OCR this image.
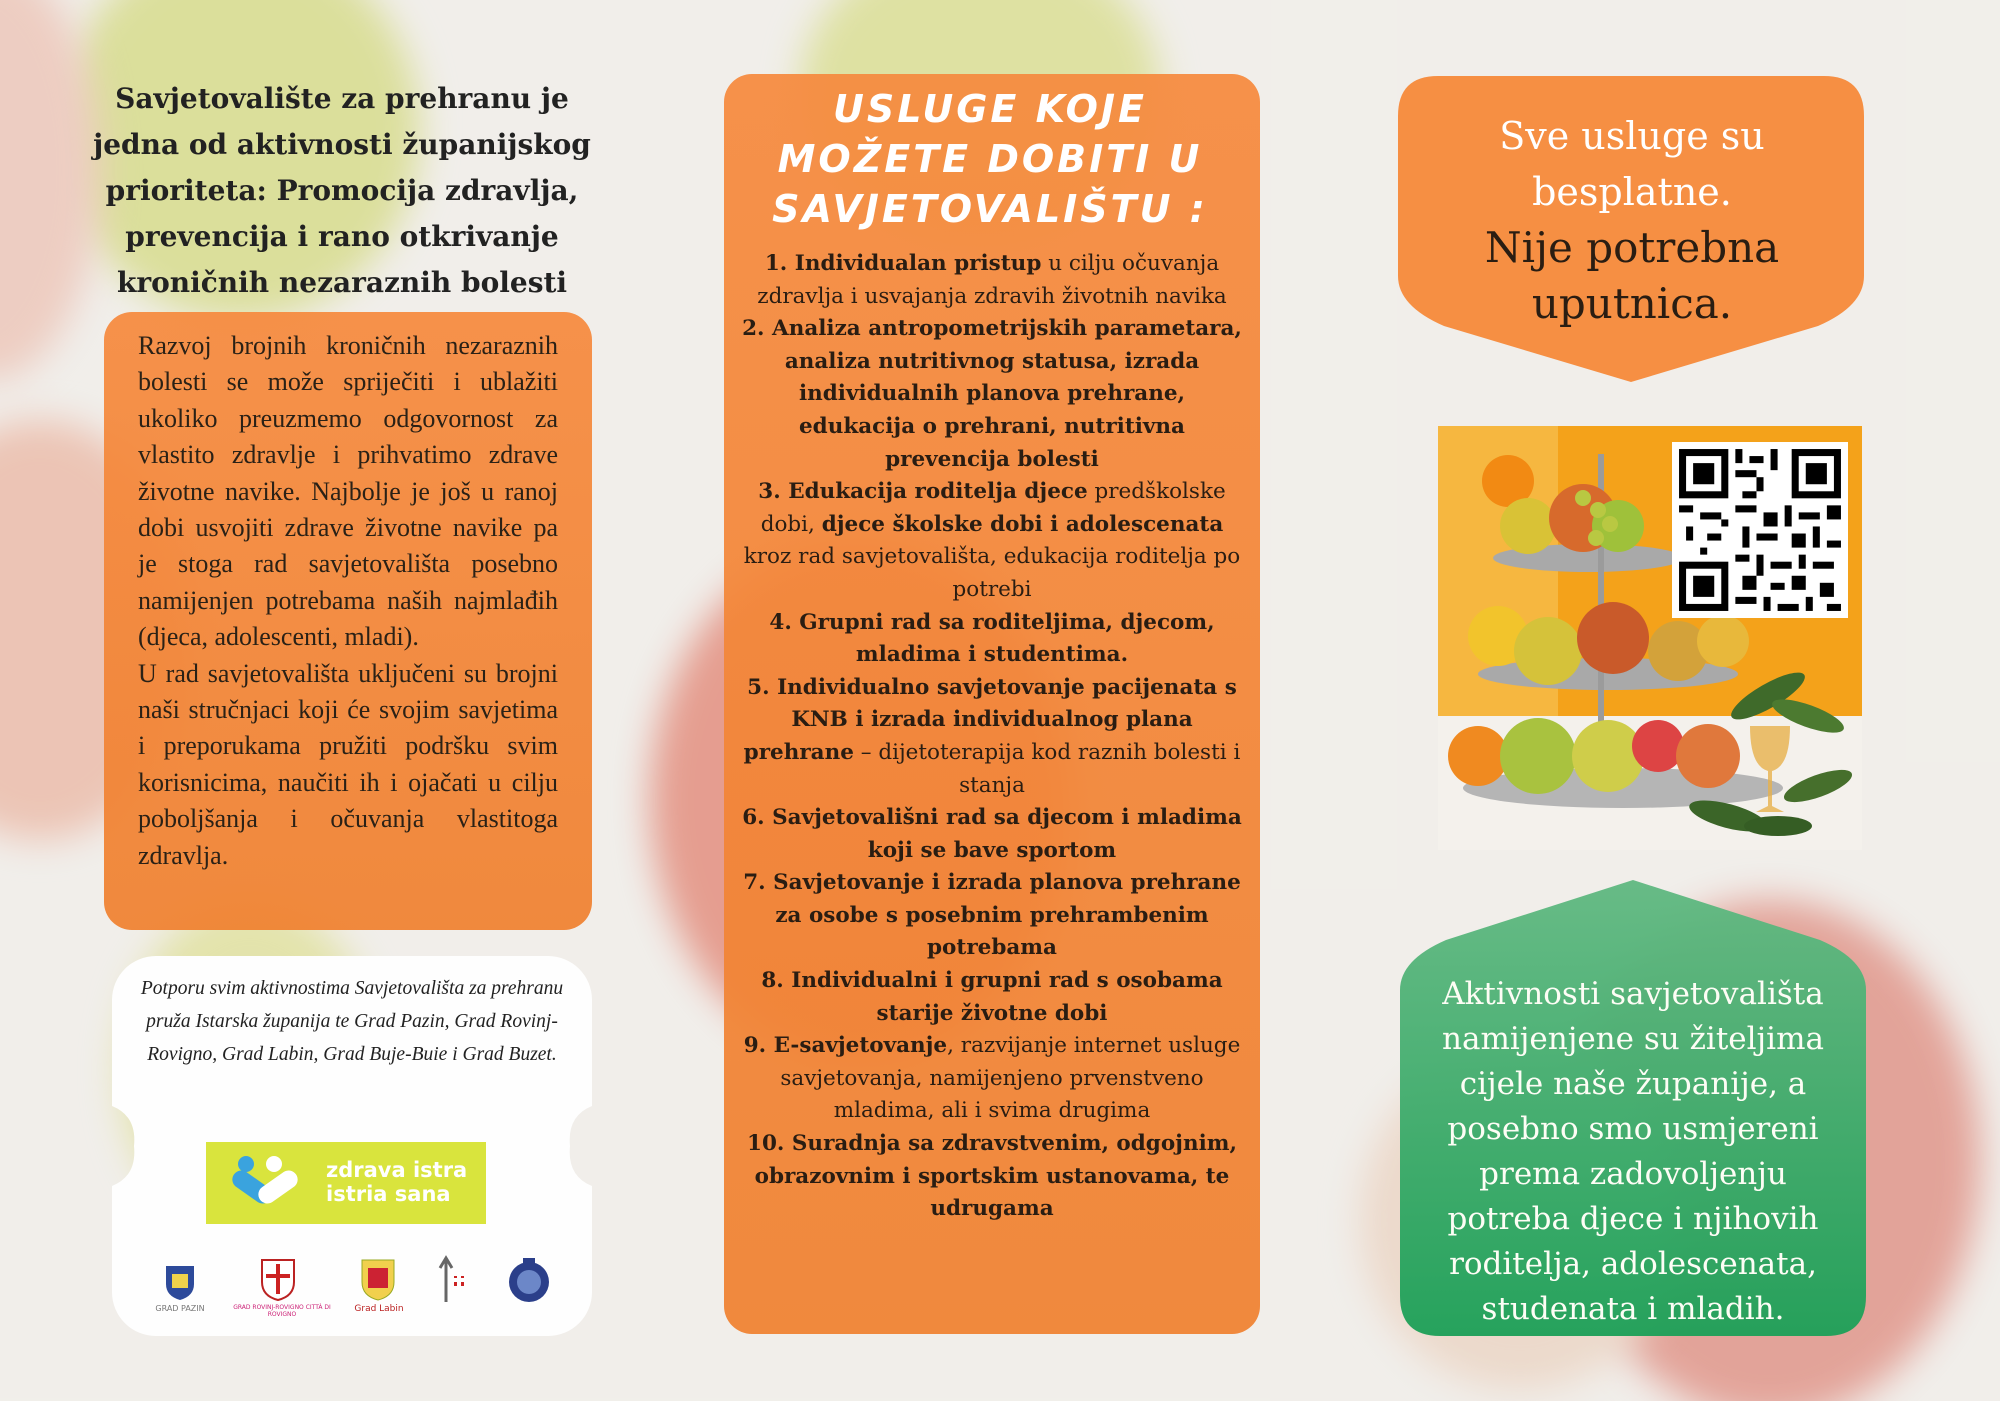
Savjetovalište za prehranu je jedna od aktivnosti županijskog prioriteta: Promocija zdravlja, prevencija i rano otkrivanje kroničnih nezaraznih bolesti

Razvoj brojnih kroničnih nezaraznih bolesti se može spriječiti i ublažiti ukoliko preuzmemo odgovornost za vlastito zdravlje i prihvatimo zdrave životne navike. Najbolje je još u ranoj dobi usvojiti zdrave životne navike pa je stoga rad savjetovališta posebno namijenjen potrebama naših najmlađih (djeca, adolescenti, mladi).

U rad savjetovališta uključeni su brojni naši stručnjaci koji će svojim savjetima i preporukama pružiti podršku svim korisnicima, naučiti ih i ojačati u cilju poboljšanja i očuvanja vlastitoga zdravlja.

Potporu svim aktivnostima Savjetovališta za prehranu pruža Istarska županija te Grad Pazin, Grad Rovinj-Rovigno, Grad Labin, Grad Buje-Buie i Grad Buzet.
zdrava istra
istria sana
GRAD PAZIN	GRAD ROVINJ-ROVIGNO CITTÀ DI ROVIGNO
Grad Labin
USLUGE KOJE MOŽETE DOBITI U SAVJETOVALIŠTU :
1. Individualan pristup u cilju očuvanja zdravlja i usvajanja zdravih životnih navika
2. Analiza antropometrijskih parametara, analiza nutritivnog statusa, izrada individualnih planova prehrane, edukacija o prehrani, nutritivna prevencija bolesti
3. Edukacija roditelja djece predškolske dobi, djece školske dobi i adolescenata kroz rad savjetovališta, edukacija roditelja po potrebi
4. Grupni rad sa roditeljima, djecom, mladima i studentima.
5. Individualno savjetovanje pacijenata s KNB i izrada individualnog plana prehrane – dijetoterapija kod raznih bolesti i stanja
6. Savjetovališni rad sa djecom i mladima koji se bave sportom
7. Savjetovanje i izrada planova prehrane za osobe s posebnim prehrambenim potrebama
8. Individualni i grupni rad s osobama starije životne dobi
9. E-savjetovanje, razvijanje internet usluge savjetovanja, namijenjeno prvenstveno mladima, ali i svima drugima
10. Suradnja sa zdravstvenim, odgojnim, obrazovnim i sportskim ustanovama, te udrugama
Sve usluge su besplatne.
Nije potrebna uputnica.
Aktivnosti savjetovališta namijenjene su žiteljima cijele naše županije, a posebno smo usmjereni prema zadovoljenju potreba djece i njihovih roditelja, adolescenata, studenata i mladih.
